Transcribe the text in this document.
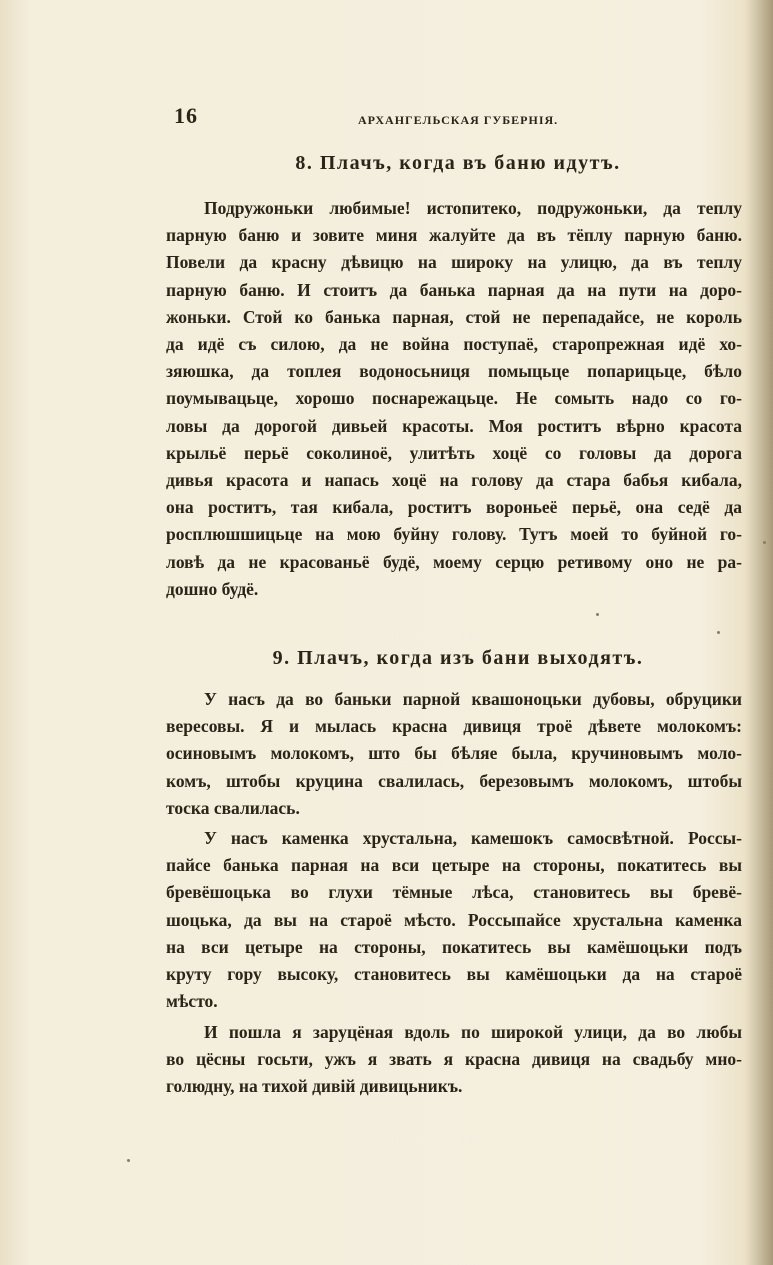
16	АРХАНГЕЛЬСКАЯ ГУБЕРНІЯ.
8. Плачъ, когда въ баню идутъ.
Подружоньки любимые! истопитеко, подружоньки, да теплу
парную баню и зовите миня жалуйте да въ тёплу парную баню.
Повели да красну дѣвицю на широку на улицю, да въ теплу
парную баню. И стоитъ да банька парная да на пути на доро-
жоньки. Стой ко банька парная, стой не перепадайсе, не король
да идё съ силою, да не война поступаё, старопрежная идё хо-
зяюшка, да топлея водоносьниця помыцьце попарицьце, бѣло
поумывацьце, хорошо поснарежацьце. Не сомыть надо со го-
ловы да дорогой дивьей красоты. Моя роститъ вѣрно красота
крыльё перьё соколиноё, улитѣть хоцё со головы да дорога
дивья красота и напась хоцё на голову да стара бабья кибала,
она роститъ, тая кибала, роститъ вороньеё перьё, она седё да
росплюшшицьце на мою буйну голову. Тутъ моей то буйной го-
ловѣ да не красованьё будё, моему серцю ретивому оно не ра-
дошно будё.
9. Плачъ, когда изъ бани выходятъ.
У насъ да во баньки парной квашоноцьки дубовы, обруцики
вересовы. Я и мылась красна дивиця троё дѣвете молокомъ:
осиновымъ молокомъ, што бы бѣляе была, кручиновымъ моло-
комъ, штобы круцина свалилась, березовымъ молокомъ, штобы
тоска свалилась.
У насъ каменка хрустальна, камешокъ самосвѣтной. Россы-
пайсе банька парная на вси цетыре на стороны, покатитесь вы
бревёшоцька во глухи тёмные лѣса, становитесь вы бревё-
шоцька, да вы на староё мѣсто. Россыпайсе хрустальна каменка
на вси цетыре на стороны, покатитесь вы камёшоцьки подъ
круту гору высоку, становитесь вы камёшоцьки да на староё
мѣсто.
И пошла я заруцёная вдоль по широкой улици, да во любы
во цёсны госьти, ужъ я звать я красна дивиця на свадьбу мно-
голюдну, на тихой дивій дивицьникъ.
